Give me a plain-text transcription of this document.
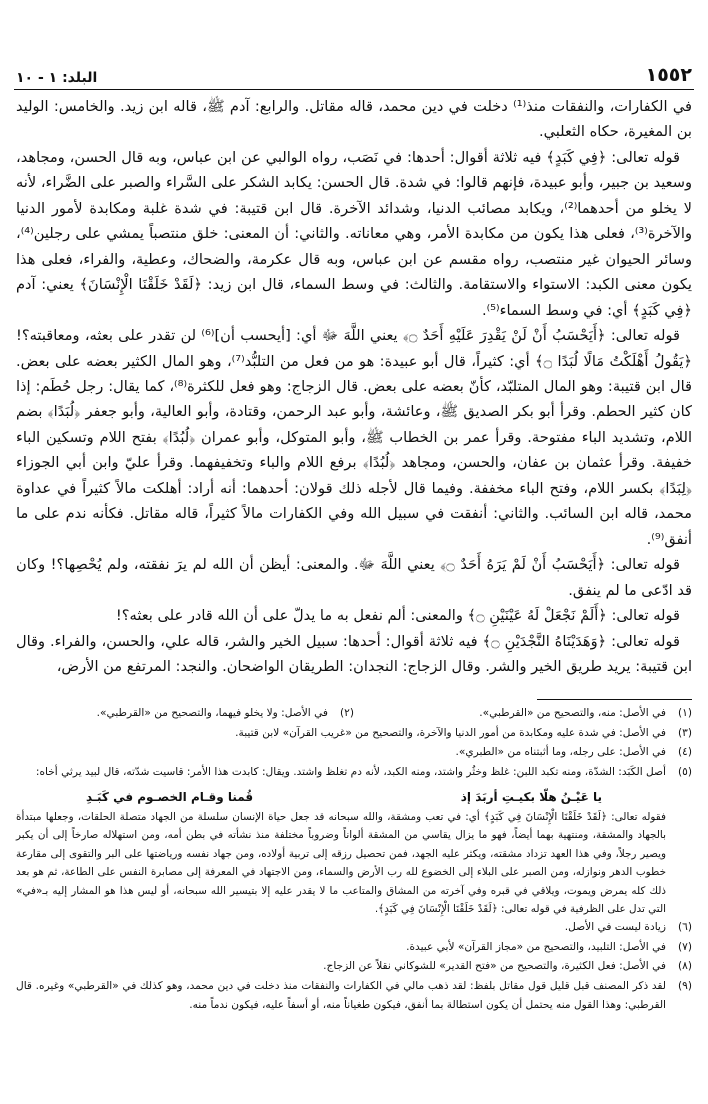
١٥٥٢
البلد: ١ - ١٠

في الكفارات، والنفقات منذ⁽¹⁾ دخلت في دين محمد، قاله مقاتل. والرابع: آدم ﷺ، قاله ابن زيد. والخامس: الوليد بن المغيرة، حكاه الثعلبي.

قوله تعالى: ﴿فِي كَبَدٍ﴾ فيه ثلاثة أقوال: أحدها: في نَصَب، رواه الوالبي عن ابن عباس، وبه قال الحسن، ومجاهد، وسعيد بن جبير، وأبو عبيدة، فإنهم قالوا: في شدة. قال الحسن: يكابد الشكر على السَّراء والصبر على الضَّراء، لأنه لا يخلو من أحدهما⁽²⁾، ويكابد مصائب الدنيا، وشدائد الآخرة. قال ابن قتيبة: في شدة غلبة ومكابدة لأمور الدنيا والآخرة⁽³⁾، فعلى هذا يكون من مكابدة الأمر، وهي معاناته. والثاني: أن المعنى: خلق منتصباً يمشي على رجلين⁽⁴⁾، وسائر الحيوان غير منتصب، رواه مقسم عن ابن عباس، وبه قال عكرمة، والضحاك، وعطية، والفراء، فعلى هذا يكون معنى الكبد: الاستواء والاستقامة. والثالث: في وسط السماء، قال ابن زيد: ﴿لَقَدْ خَلَقْنَا الْإِنْسَانَ﴾ يعني: آدم ﴿فِي كَبَدٍ﴾ أي: في وسط السماء⁽⁵⁾.

قوله تعالى: ﴿أَيَحْسَبُ أَنْ لَنْ يَقْدِرَ عَلَيْهِ أَحَدٌ ۝﴾ يعني اللَّهَ ﷻ أي: [أيحسب أن]⁽⁶⁾ لن تقدر على بعثه، ومعاقبته؟! ﴿يَقُولُ أَهْلَكْتُ مَالًا لُبَدًا ۝﴾ أي: كثيراً، قال أبو عبيدة: هو من فعل من التلبُّد⁽⁷⁾، وهو المال الكثير بعضه على بعض. قال ابن قتيبة: وهو المال المتلبّد، كأنّ بعضه على بعض. قال الزجاج: وهو فعل للكثرة⁽⁸⁾، كما يقال: رجل حُطَم: إذا كان كثير الحطم. وقرأ أبو بكر الصديق ﷺ، وعائشة، وأبو عبد الرحمن، وقتادة، وأبو العالية، وأبو جعفر ﴿لُبَدًا﴾ بضم اللام، وتشديد الباء مفتوحة. وقرأ عمر بن الخطاب ﷺ، وأبو المتوكل، وأبو عمران ﴿لُبُدًا﴾ بفتح اللام وتسكين الباء خفيفة. وقرأ عثمان بن عفان، والحسن، ومجاهد ﴿لُبُدًا﴾ برفع اللام والباء وتخفيفهما. وقرأ عليّ وابن أبي الجوزاء ﴿لِبَدًا﴾ بكسر اللام، وفتح الباء مخففة. وفيما قال لأجله ذلك قولان: أحدهما: أنه أراد: أهلكت مالاً كثيراً في عداوة محمد، قاله ابن السائب. والثاني: أنفقت في سبيل الله وفي الكفارات مالاً كثيراً، قاله مقاتل. فكأنه ندم على ما أنفق⁽⁹⁾.

قوله تعالى: ﴿أَيَحْسَبُ أَنْ لَمْ يَرَهُ أَحَدٌ ۝﴾ يعني اللَّهَ ﷻ. والمعنى: أيظن أن الله لم يرَ نفقته، ولم يُحْصِها؟! وكان قد ادّعى ما لم ينفق.

قوله تعالى: ﴿أَلَمْ نَجْعَلْ لَهُ عَيْنَيْنِ ۝﴾ والمعنى: ألم نفعل به ما يدلّ على أن الله قادر على بعثه؟!

قوله تعالى: ﴿وَهَدَيْنَاهُ النَّجْدَيْنِ ۝﴾ فيه ثلاثة أقوال: أحدها: سبيل الخير والشر، قاله علي، والحسن، والفراء. وقال ابن قتيبة: يريد طريق الخير والشر. وقال الزجاج: النجدان: الطريقان الواضحان. والنجد: المرتفع من الأرض،

(١)
في الأصل: منه، والتصحيح من «القرطبي».
(٢)
في الأصل: ولا يخلو فيهما، والتصحيح من «القرطبي».
(٣)
في الأصل: في شدة عليه ومكابدة من أمور الدنيا والآخرة، والتصحيح من «غريب القرآن» لابن قتيبة.
(٤)
في الأصل: على رجله، وما أثبتناه من «الطبري».
(٥)
أصل الكَبَد: الشدّة، ومنه تكبد اللبن: غلظ وخثُر واشتد، ومنه الكبد، لأنه دم تغلظ واشتد. ويقال: كابدت هذا الأمر: قاسيت شدّته، قال لبيد يرثي أخاه:
يا عَيْـنُ هلّا بكيـتِ أربَدَ إذ
قُمنا وقـام الخصـوم في كَبَـدِ
فقوله تعالى: ﴿لَقَدْ خَلَقْنَا الْإِنْسَانَ فِي كَبَدٍ﴾ أي: في تعب ومشقة، والله سبحانه قد جعل حياة الإنسان سلسلة من الجهاد متصلة الحلقات، وجعلها مبتدأة بالجهاد والمشقة، ومنتهية بهما أيضاً، فهو ما يزال يقاسي من المشقة ألواناً وضروباً مختلفة منذ نشأته في بطن أمه، ومن استهلاله صارخاً إلى أن يكبر ويصير رجلاً، وفي هذا العهد تزداد مشقته، ويكثر عليه الجهد، فمن تحصيل رزقه إلى تربية أولاده، ومن جهاد نفسه ورياضتها على البر والتقوى إلى مقارعة خطوب الدهر ونوازله، ومن الصبر على البلاء إلى الخضوع لله رب الأرض والسماء، ومن الاجتهاد في المعرفة إلى مصابرة النفس على الطاعة، ثم هو بعد ذلك كله يمرض ويموت، ويلاقي في قبره وفي آخرته من المشاق والمتاعب ما لا يقدر عليه إلا بتيسير الله سبحانه، أو ليس هذا هو المشار إليه بـ«في» التي تدل على الظرفية في قوله تعالى: ﴿لَقَدْ خَلَقْنَا الْإِنْسَانَ فِي كَبَدٍ﴾.
(٦)
زيادة ليست في الأصل.
(٧)
في الأصل: التلبيد، والتصحيح من «مجاز القرآن» لأبي عبيدة.
(٨)
في الأصل: فعل الكثيرة، والتصحيح من «فتح القدير» للشوكاني نقلاً عن الزجاج.
(٩)
لقد ذكر المصنف قبل قليل قول مقاتل بلفظ: لقد ذهب مالي في الكفارات والنفقات منذ دخلت في دين محمد، وهو كذلك في «القرطبي» وغيره. قال القرطبي: وهذا القول منه يحتمل أن يكون استطالة بما أنفق، فيكون طغياناً منه، أو أسفاً عليه، فيكون ندماً منه.
